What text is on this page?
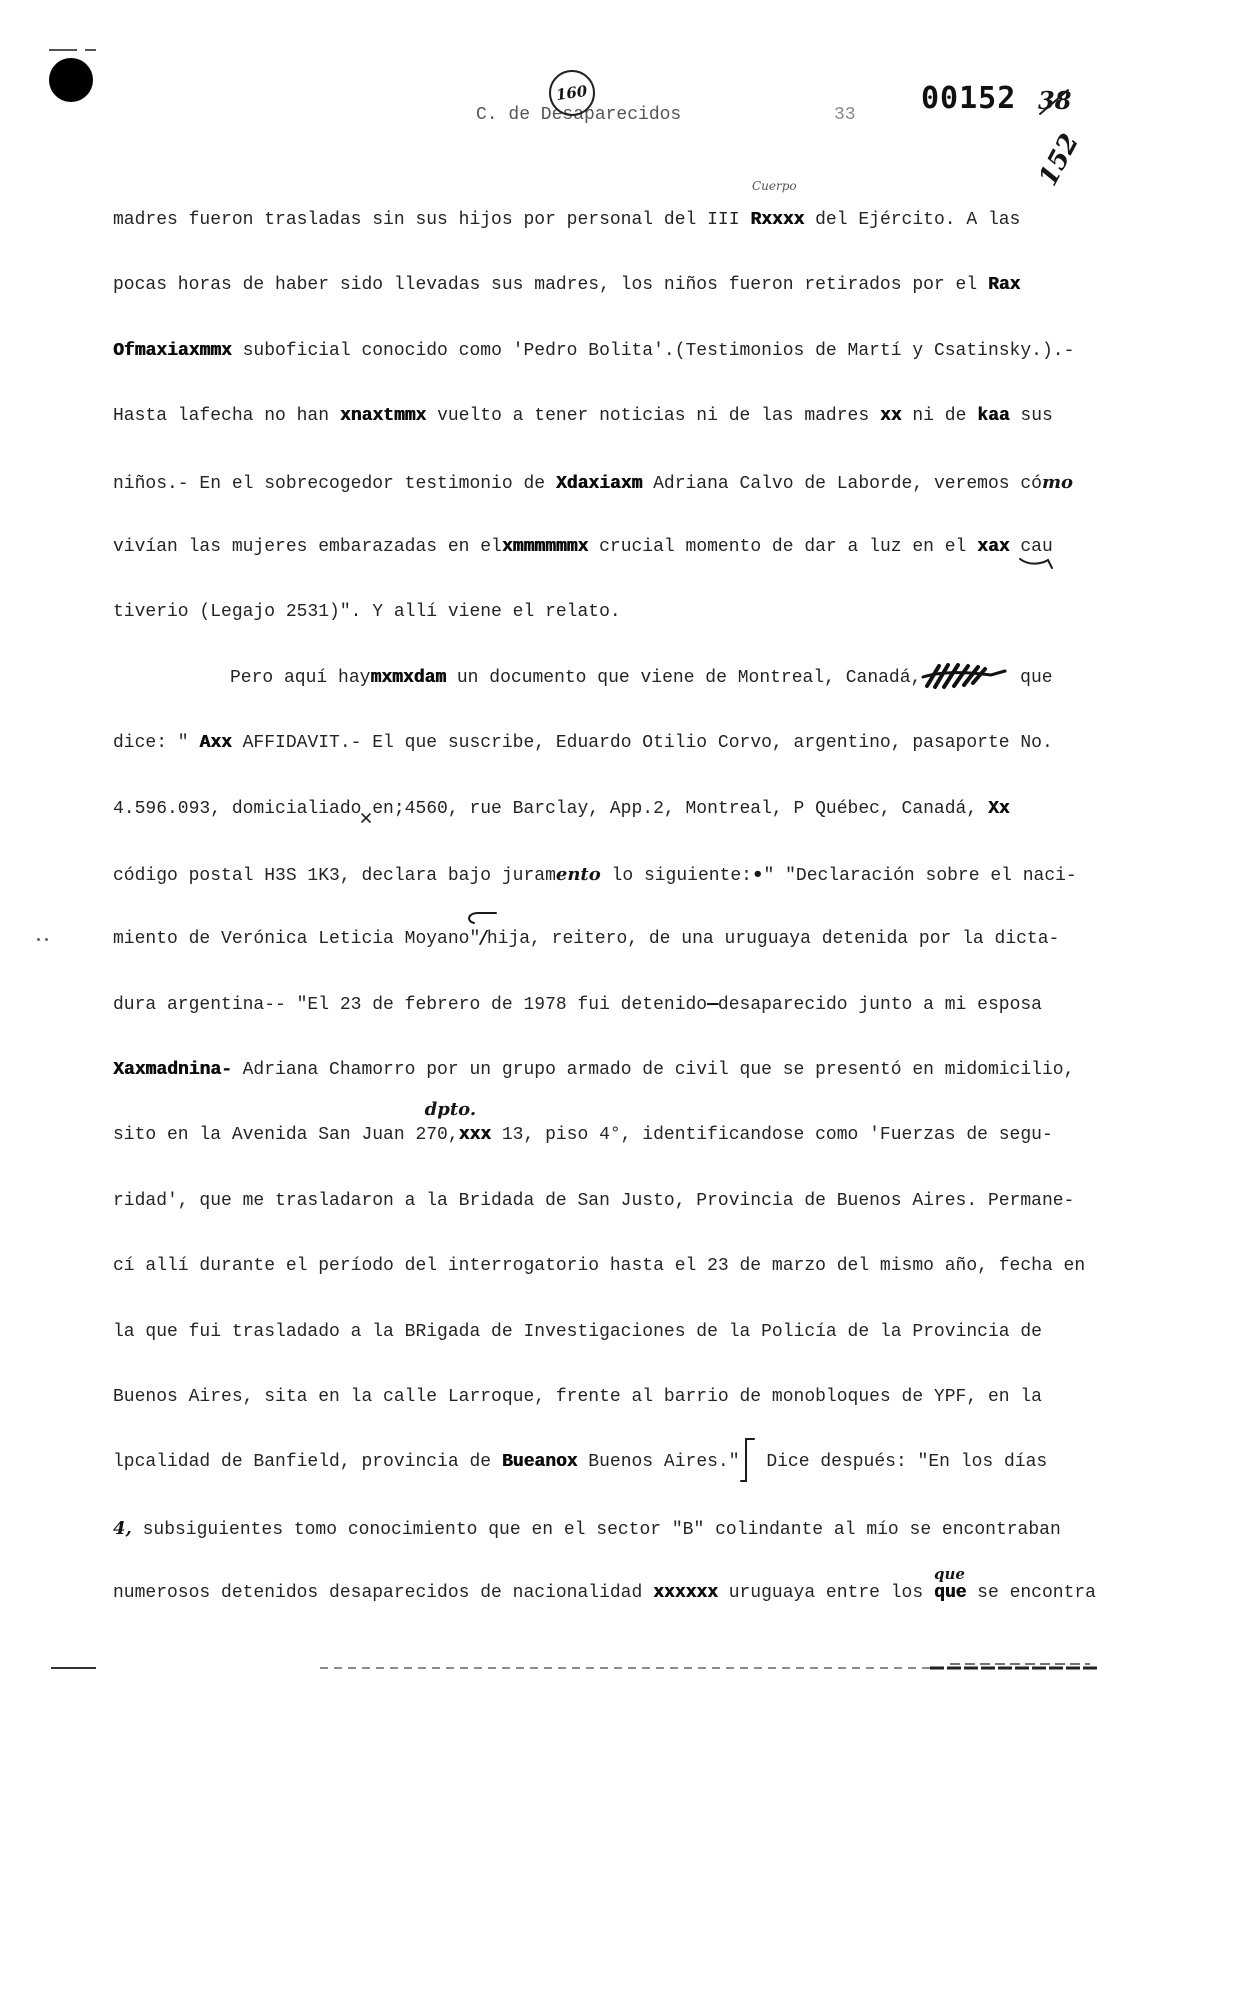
C. de Desaparecidos	33 00152
160	38
152
Cuerpo
madres fueron trasladas sin sus hijos por personal del III Rxxxx del Ejército. A las
pocas horas de haber sido llevadas sus madres, los niños fueron retirados por el Rax
Ofmaxiaxmmx suboficial conocido como 'Pedro Bolita'.(Testimonios de Martí y Csatinsky.).-
Hasta lafecha no han xnaxtmmx vuelto a tener noticias ni de las madres xx ni de kaa sus
niños.- En el sobrecogedor testimonio de Xdaxiaxm Adriana Calvo de Laborde, veremos cómo
vivían las mujeres embarazadas en elxmmmmmmx crucial momento de dar a luz en el xax cau
tiverio (Legajo 2531)". Y allí viene el relato.
Pero aquí haymxmxdam un documento que viene de Montreal, Canadá,	que
dice: " Axx AFFIDAVIT.- El que suscribe, Eduardo Otilio Corvo, argentino, pasaporte No.
4.596.093, domicialiado en;4560, rue Barclay, App.2, Montreal, P Québec, Canadá, Xx
código postal H3S 1K3, declara bajo juramento lo siguiente:•" "Declaración sobre el naci-
miento de Verónica Leticia Moyano"/
hija, reitero, de una uruguaya detenida por la dicta-
dura argentina-- "El 23 de febrero de 1978 fui detenido—desaparecido junto a mi esposa
Xaxmadnina- Adriana Chamorro por un grupo armado de civil que se presentó en midomicilio,
sito en la Avenida San Juan 270,xxx
dpto.
13, piso 4°, identificandose como 'Fuerzas de segu-
ridad', que me trasladaron a la Bridada de San Justo, Provincia de Buenos Aires. Permane-
cí allí durante el período del interrogatorio hasta el 23 de marzo del mismo año, fecha en
la que fui trasladado a la BRigada de Investigaciones de la Policía de la Provincia de
Buenos Aires, sita en la calle Larroque, frente al barrio de monobloques de YPF, en la
lpcalidad de Banfield, provincia de Bueanox Buenos Aires." Dice después: "En los días
4, subsiguientes tomo conocimiento que en el sector "B" colindante al mío se encontraban
numerosos detenidos desaparecidos de nacionalidad xxxxxx uruguaya entre los que
que
se encontra
